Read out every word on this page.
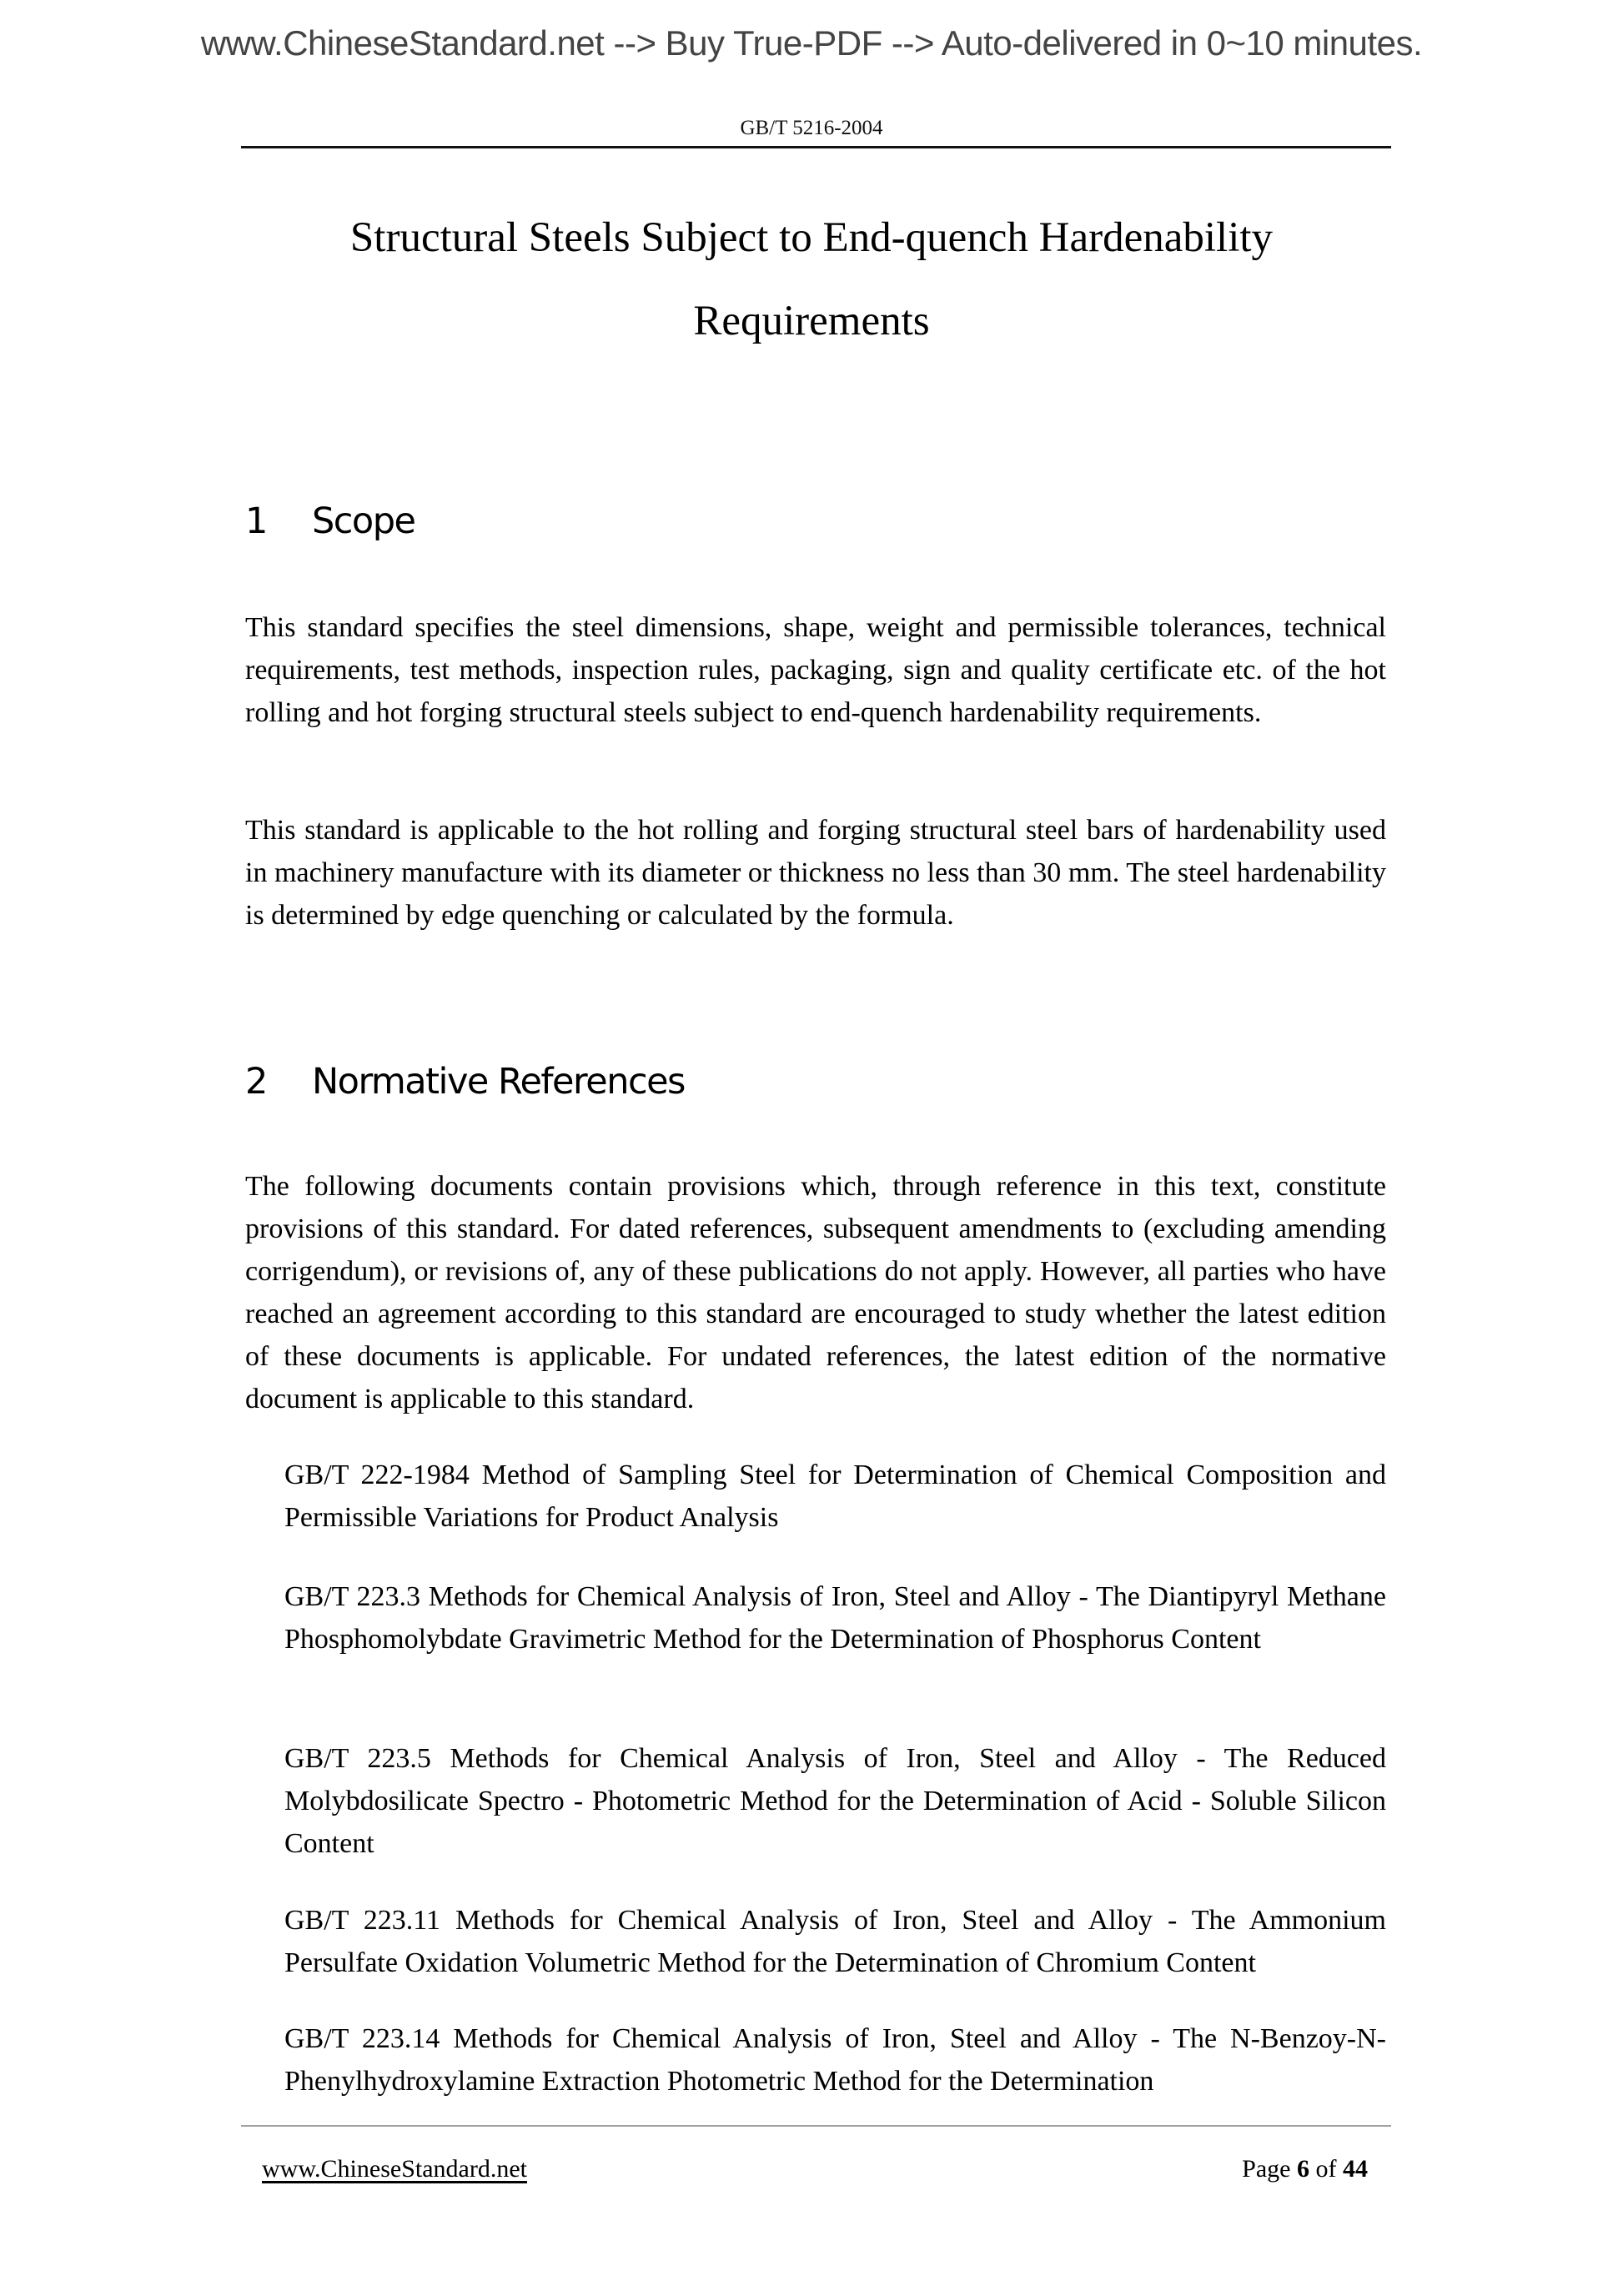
www.ChineseStandard.net --> Buy True-PDF --> Auto-delivered in 0~10 minutes.
GB/T 5216-2004
Structural Steels Subject to End-quench Hardenability
Requirements
1 Scope
This standard specifies the steel dimensions, shape, weight and permissible tolerances, technical requirements, test methods, inspection rules, packaging, sign and quality certificate etc. of the hot rolling and hot forging structural steels subject to end-quench hardenability requirements.
This standard is applicable to the hot rolling and forging structural steel bars of hardenability used in machinery manufacture with its diameter or thickness no less than 30 mm. The steel hardenability is determined by edge quenching or calculated by the formula.
2 Normative References
The following documents contain provisions which, through reference in this text, constitute provisions of this standard. For dated references, subsequent amendments to (excluding amending corrigendum), or revisions of, any of these publications do not apply. However, all parties who have reached an agreement according to this standard are encouraged to study whether the latest edition of these documents is applicable. For undated references, the latest edition of the normative document is applicable to this standard.
GB/T 222-1984 Method of Sampling Steel for Determination of Chemical Composition and Permissible Variations for Product Analysis
GB/T 223.3 Methods for Chemical Analysis of Iron, Steel and Alloy - The Diantipyryl Methane Phosphomolybdate Gravimetric Method for the Determination of Phosphorus Content
GB/T 223.5 Methods for Chemical Analysis of Iron, Steel and Alloy - The Reduced Molybdosilicate Spectro - Photometric Method for the Determination of Acid - Soluble Silicon Content
GB/T 223.11 Methods for Chemical Analysis of Iron, Steel and Alloy - The Ammonium Persulfate Oxidation Volumetric Method for the Determination of Chromium Content
GB/T 223.14 Methods for Chemical Analysis of Iron, Steel and Alloy - The N-Benzoy-N-Phenylhydroxylamine Extraction Photometric Method for the Determination
www.ChineseStandard.net	Page 6 of 44
